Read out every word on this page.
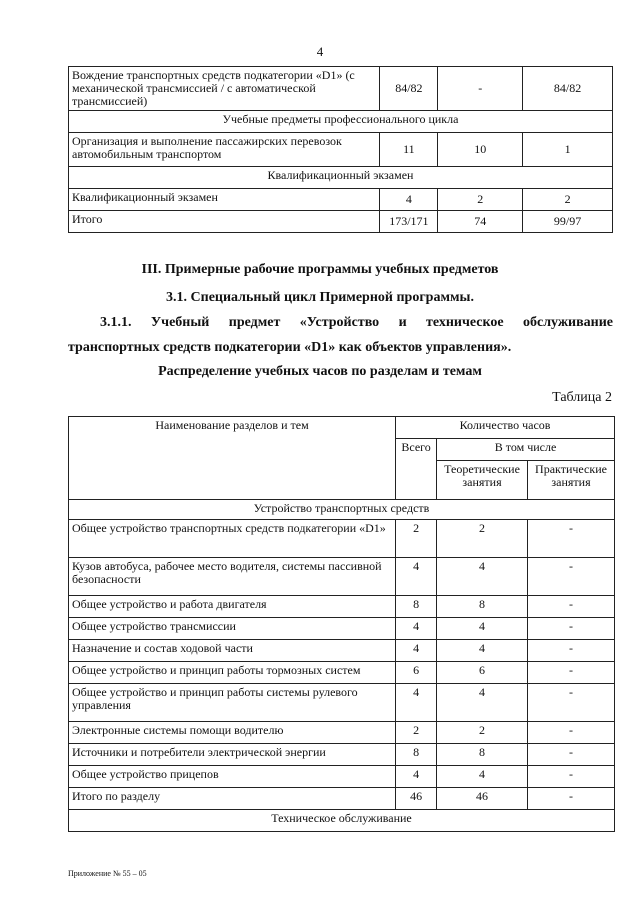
4
Вождение транспортных средств подкатегории «D1» (с механической трансмиссией / с автоматической трансмиссией)	84/82	-	84/82
Учебные предметы профессионального цикла			
Организация и выполнение пассажирских перевозок автомобильным транспортом	11	10	1
Квалификационный экзамен			
Квалификационный экзамен	4	2	2
Итого	173/171	74	99/97
III. Примерные рабочие программы учебных предметов
3.1. Специальный цикл Примерной программы.
3.1.1. Учебный предмет «Устройство и техническое обслуживание
транспортных средств подкатегории «D1» как объектов управления».
Распределение учебных часов по разделам и темам
Таблица 2
Наименование разделов и тем	Количество часов		
	Всего	В том числе	
		Теоретические занятия	Практические занятия
Устройство транспортных средств			
Общее устройство транспортных средств подкатегории «D1»	2	2	-
Кузов автобуса, рабочее место водителя, системы пассивной безопасности	4	4	-
Общее устройство и работа двигателя	8	8	-
Общее устройство трансмиссии	4	4	-
Назначение и состав ходовой части	4	4	-
Общее устройство и принцип работы тормозных систем	6	6	-
Общее устройство и принцип работы системы рулевого управления	4	4	-
Электронные системы помощи водителю	2	2	-
Источники и потребители электрической энергии	8	8	-
Общее устройство прицепов	4	4	-
Итого по разделу	46	46	-
Техническое обслуживание			
Приложение № 55 – 05
